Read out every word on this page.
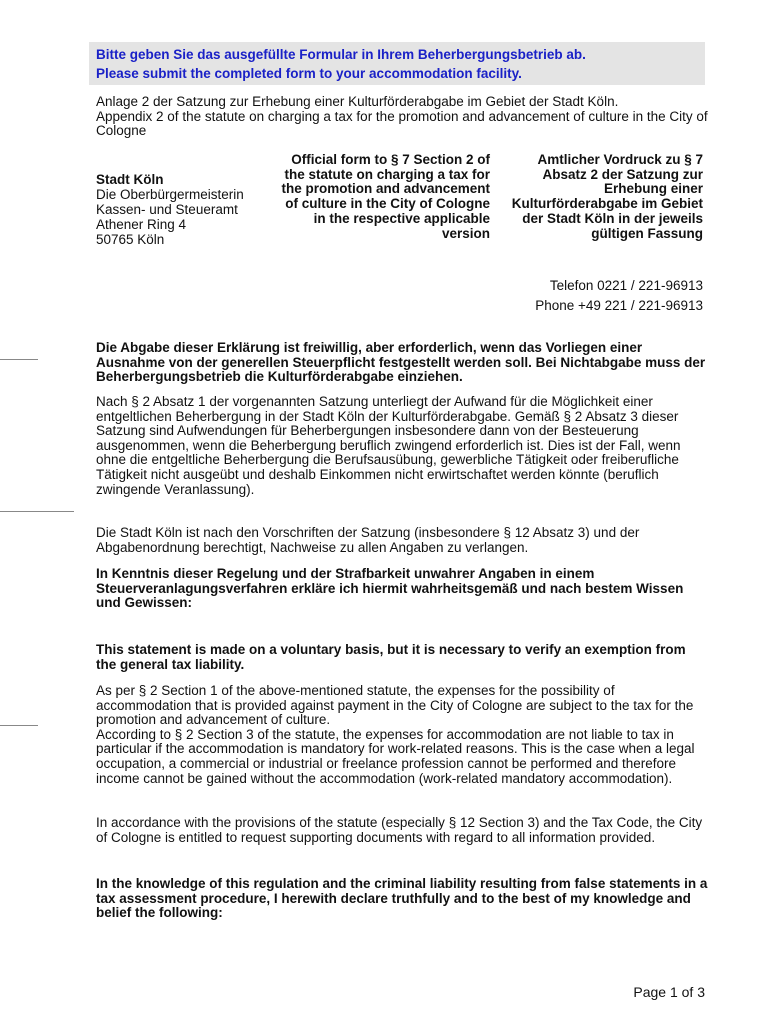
Bitte geben Sie das ausgefüllte Formular in Ihrem Beherbergungsbetrieb ab.
Please submit the completed form to your accommodation facility.
Anlage 2 der Satzung zur Erhebung einer Kulturförderabgabe im Gebiet der Stadt Köln.
Appendix 2 of the statute on charging a tax for the promotion and advancement of culture in the City of Cologne
Stadt Köln
Die Oberbürgermeisterin
Kassen- und Steueramt
Athener Ring 4
50765 Köln
Official form to § 7 Section 2 of the statute on charging a tax for the promotion and advancement of culture in the City of Cologne in the respective applicable version
Amtlicher Vordruck zu § 7 Absatz 2 der Satzung zur Erhebung einer Kulturförderabgabe im Gebiet der Stadt Köln in der jeweils gültigen Fassung
Telefon 0221 / 221-96913
Phone +49 221 / 221-96913
Die Abgabe dieser Erklärung ist freiwillig, aber erforderlich, wenn das Vorliegen einer Ausnahme von der generellen Steuerpflicht festgestellt werden soll. Bei Nichtabgabe muss der Beherbergungsbetrieb die Kulturförderabgabe einziehen.
Nach § 2 Absatz 1 der vorgenannten Satzung unterliegt der Aufwand für die Möglichkeit einer entgeltlichen Beherbergung in der Stadt Köln der Kulturförderabgabe. Gemäß § 2 Absatz 3 dieser Satzung sind Aufwendungen für Beherbergungen insbesondere dann von der Besteuerung ausgenommen, wenn die Beherbergung beruflich zwingend erforderlich ist. Dies ist der Fall, wenn ohne die entgeltliche Beherbergung die Berufsausübung, gewerbliche Tätigkeit oder freiberufliche Tätigkeit nicht ausgeübt und deshalb Einkommen nicht erwirtschaftet werden könnte (beruflich zwingende Veranlassung).
Die Stadt Köln ist nach den Vorschriften der Satzung (insbesondere § 12 Absatz 3) und der Abgabenordnung berechtigt, Nachweise zu allen Angaben zu verlangen.
In Kenntnis dieser Regelung und der Strafbarkeit unwahrer Angaben in einem Steuerveranlagungsverfahren erkläre ich hiermit wahrheitsgemäß und nach bestem Wissen und Gewissen:
This statement is made on a voluntary basis, but it is necessary to verify an exemption from the general tax liability.
As per § 2 Section 1 of the above-mentioned statute, the expenses for the possibility of accommodation that is provided against payment in the City of Cologne are subject to the tax for the promotion and advancement of culture.
According to § 2 Section 3 of the statute, the expenses for accommodation are not liable to tax in particular if the accommodation is mandatory for work-related reasons. This is the case when a legal occupation, a commercial or industrial or freelance profession cannot be performed and therefore income cannot be gained without the accommodation (work-related mandatory accommodation).
In accordance with the provisions of the statute (especially § 12 Section 3) and the Tax Code, the City of Cologne is entitled to request supporting documents with regard to all information provided.
In the knowledge of this regulation and the criminal liability resulting from false statements in a tax assessment procedure, I herewith declare truthfully and to the best of my knowledge and belief the following:
Page 1 of 3
